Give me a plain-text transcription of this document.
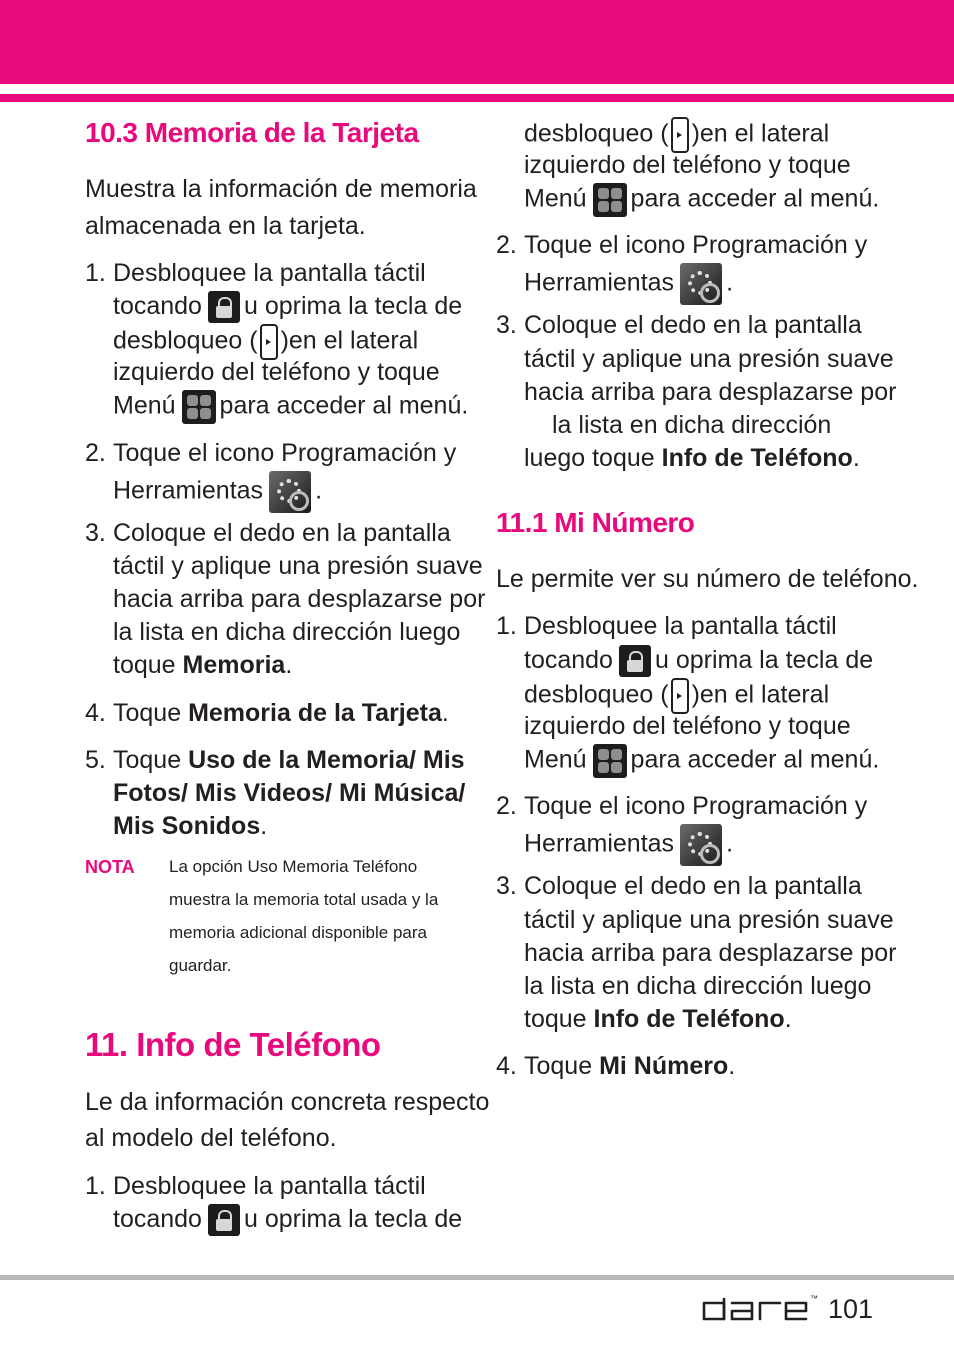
10.3 Memoria de la Tarjeta
Muestra la información de memoria
almacenada en la tarjeta.
1. Desbloquee la pantalla táctil
tocando u oprima la tecla de
desbloqueo ( )en el lateral
izquierdo del teléfono y toque
Menú para acceder al menú.
2. Toque el icono Programación y
Herramientas .
3. Coloque el dedo en la pantalla
táctil y aplique una presión suave
hacia arriba para desplazarse por
la lista en dicha dirección luego
toque Memoria.
4. Toque Memoria de la Tarjeta.
5. Toque Uso de la Memoria/ Mis
Fotos/ Mis Videos/ Mi Música/
Mis Sonidos.
NOTA La opción Uso Memoria Teléfono muestra la memoria total usada y la memoria adicional disponible para guardar.
11. Info de Teléfono
Le da información concreta respecto
al modelo del teléfono.
1. Desbloquee la pantalla táctil
tocando u oprima la tecla de
desbloqueo ( )en el lateral
izquierdo del teléfono y toque
Menú para acceder al menú.
2. Toque el icono Programación y
Herramientas .
3. Coloque el dedo en la pantalla
táctil y aplique una presión suave
hacia arriba para desplazarse por
la lista en dicha dirección
luego toque Info de Teléfono.
11.1 Mi Número
Le permite ver su número de teléfono.
1. Desbloquee la pantalla táctil
tocando u oprima la tecla de
desbloqueo ( )en el lateral
izquierdo del teléfono y toque
Menú para acceder al menú.
2. Toque el icono Programación y
Herramientas .
3. Coloque el dedo en la pantalla
táctil y aplique una presión suave
hacia arriba para desplazarse por
la lista en dicha dirección luego
toque Info de Teléfono.
4. Toque Mi Número.
™ 101
